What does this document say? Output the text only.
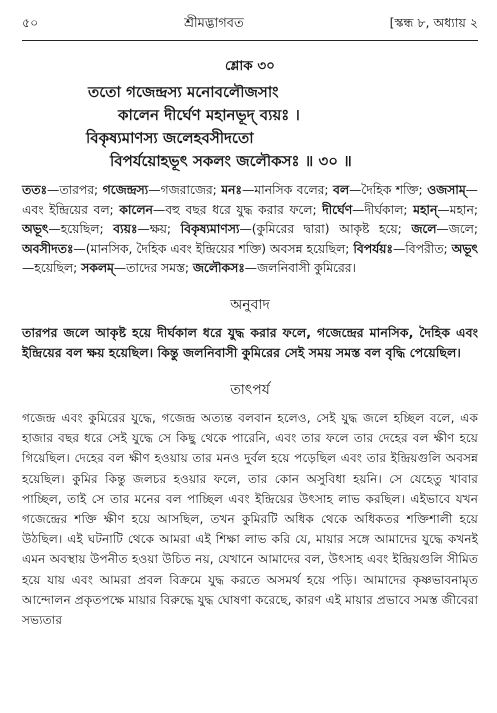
৫০	শ্রীমদ্ভাগবত	[স্কন্ধ ৮, অধ্যায় ২
শ্লোক ৩০
ততো গজেন্দ্রস্য মনোবলৌজসাং
কালেন দীর্ঘেণ মহানভূদ্ ব্যয়ঃ ।
বিকৃষ্যমাণস্য জলেহবসীদতো
বিপর্যয়োহভূৎ সকলং জলৌকসঃ ॥ ৩০ ॥
ততঃ—তারপর; গজেন্দ্রস্য—গজরাজের; মনঃ—মানসিক বলের; বল—দৈহিক শক্তি; ওজসাম্—এবং ইন্দ্রিয়ের বল; কালেন—বহু বছর ধরে যুদ্ধ করার ফলে; দীর্ঘেণ—দীর্ঘকাল; মহান্—মহান; অভূৎ—হয়েছিল; ব্যয়ঃ—ক্ষয়; বিকৃষ্যমাণস্য—(কুমিরের দ্বারা) আকৃষ্ট হয়ে; জলে—জলে; অবসীদতঃ—(মানসিক, দৈহিক এবং ইন্দ্রিয়ের শক্তি) অবসন্ন হয়েছিল; বিপর্যয়ঃ—বিপরীত; অভূৎ—হয়েছিল; সকলম্—তাদের সমস্ত; জলৌকসঃ—জলনিবাসী কুমিরের।
অনুবাদ
তারপর জলে আকৃষ্ট হয়ে দীর্ঘকাল ধরে যুদ্ধ করার ফলে, গজেন্দ্রের মানসিক, দৈহিক এবং ইন্দ্রিয়ের বল ক্ষয় হয়েছিল। কিন্তু জলনিবাসী কুমিরের সেই সময় সমস্ত বল বৃদ্ধি পেয়েছিল।
তাৎপর্য
গজেন্দ্র এবং কুমিরের যুদ্ধে, গজেন্দ্র অত্যন্ত বলবান হলেও, সেই যুদ্ধ জলে হচ্ছিল বলে, এক হাজার বছর ধরে সেই যুদ্ধে সে কিছু থেকে পারেনি, এবং তার ফলে তার দেহের বল ক্ষীণ হয়ে গিয়েছিল। দেহের বল ক্ষীণ হওয়ায় তার মনও দুর্বল হয়ে পড়েছিল এবং তার ইন্দ্রিয়গুলি অবসন্ন হয়েছিল। কুমির কিন্তু জলচর হওয়ার ফলে, তার কোন অসুবিধা হয়নি। সে যেহেতু খাবার পাচ্ছিল, তাই সে তার মনের বল পাচ্ছিল এবং ইন্দ্রিয়ের উৎসাহ লাভ করছিল। এইভাবে যখন গজেন্দ্রের শক্তি ক্ষীণ হয়ে আসছিল, তখন কুমিরটি অধিক থেকে অধিকতর শক্তিশালী হয়ে উঠছিল। এই ঘটনাটি থেকে আমরা এই শিক্ষা লাভ করি যে, মায়ার সঙ্গে আমাদের যুদ্ধে কখনই এমন অবস্থায় উপনীত হওয়া উচিত নয়, যেখানে আমাদের বল, উৎসাহ এবং ইন্দ্রিয়গুলি সীমিত হয়ে যায় এবং আমরা প্রবল বিক্রমে যুদ্ধ করতে অসমর্থ হয়ে পড়ি। আমাদের কৃষ্ণভাবনামৃত আন্দোলন প্রকৃতপক্ষে মায়ার বিরুদ্ধে যুদ্ধ ঘোষণা করেছে, কারণ এই মায়ার প্রভাবে সমস্ত জীবেরা সভ্যতার
